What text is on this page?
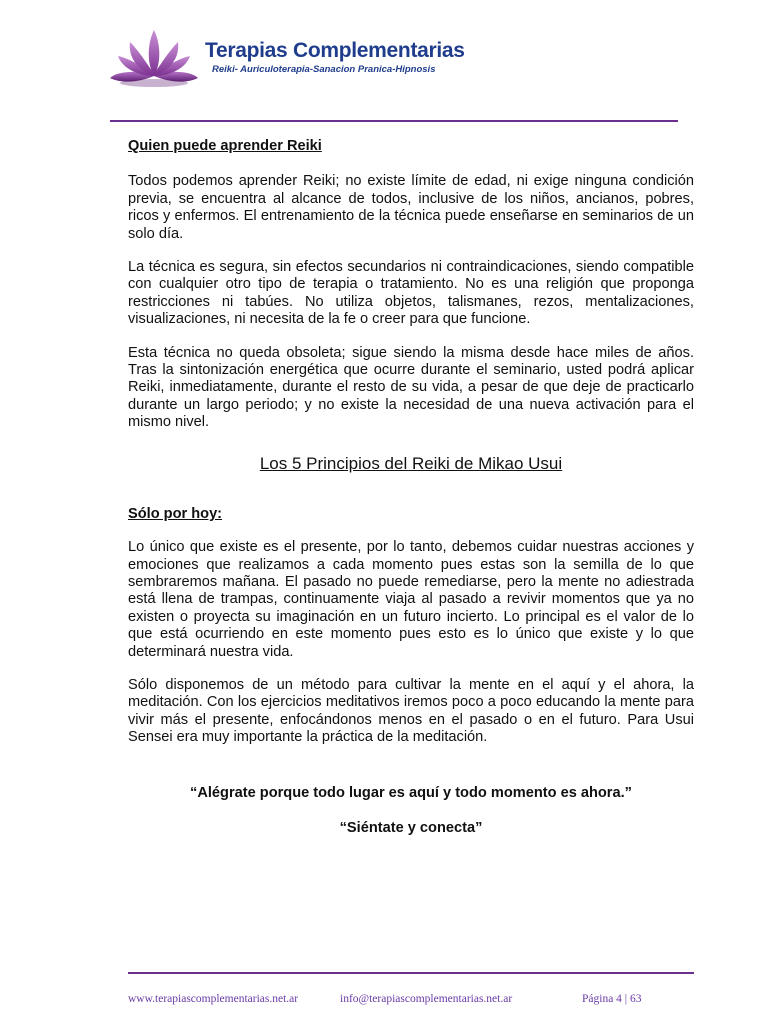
Terapias Complementarias
Reiki- Auriculoterapia-Sanacion Pranica-Hipnosis
Quien puede aprender Reiki

Todos podemos aprender Reiki; no existe límite de edad, ni exige ninguna condición previa, se encuentra al alcance de todos, inclusive de los niños, ancianos, pobres, ricos y enfermos. El entrenamiento de la técnica puede enseñarse en seminarios de un solo día.

La técnica es segura, sin efectos secundarios ni contraindicaciones, siendo compatible con cualquier otro tipo de terapia o tratamiento. No es una religión que proponga restricciones ni tabúes. No utiliza objetos, talismanes, rezos, mentalizaciones, visualizaciones, ni necesita de la fe o creer para que funcione.

Esta técnica no queda obsoleta; sigue siendo la misma desde hace miles de años. Tras la sintonización energética que ocurre durante el seminario, usted podrá aplicar Reiki, inmediatamente, durante el resto de su vida, a pesar de que deje de practicarlo durante un largo periodo; y no existe la necesidad de una nueva activación para el mismo nivel.

Los 5 Principios del Reiki de Mikao Usui
Sólo por hoy:

Lo único que existe es el presente, por lo tanto, debemos cuidar nuestras acciones y emociones que realizamos a cada momento pues estas son la semilla de lo que sembraremos mañana. El pasado no puede remediarse, pero la mente no adiestrada está llena de trampas, continuamente viaja al pasado a revivir momentos que ya no existen o proyecta su imaginación en un futuro incierto. Lo principal es el valor de lo que está ocurriendo en este momento pues esto es lo único que existe y lo que determinará nuestra vida.

Sólo disponemos de un método para cultivar la mente en el aquí y el ahora, la meditación. Con los ejercicios meditativos iremos poco a poco educando la mente para vivir más el presente, enfocándonos menos en el pasado o en el futuro. Para Usui Sensei era muy importante la práctica de la meditación.

“Alégrate porque todo lugar es aquí y todo momento es ahora.”

“Siéntate y conecta”

www.terapiascomplementarias.net.ar	info@terapiascomplementarias.net.ar	Página 4 | 63
